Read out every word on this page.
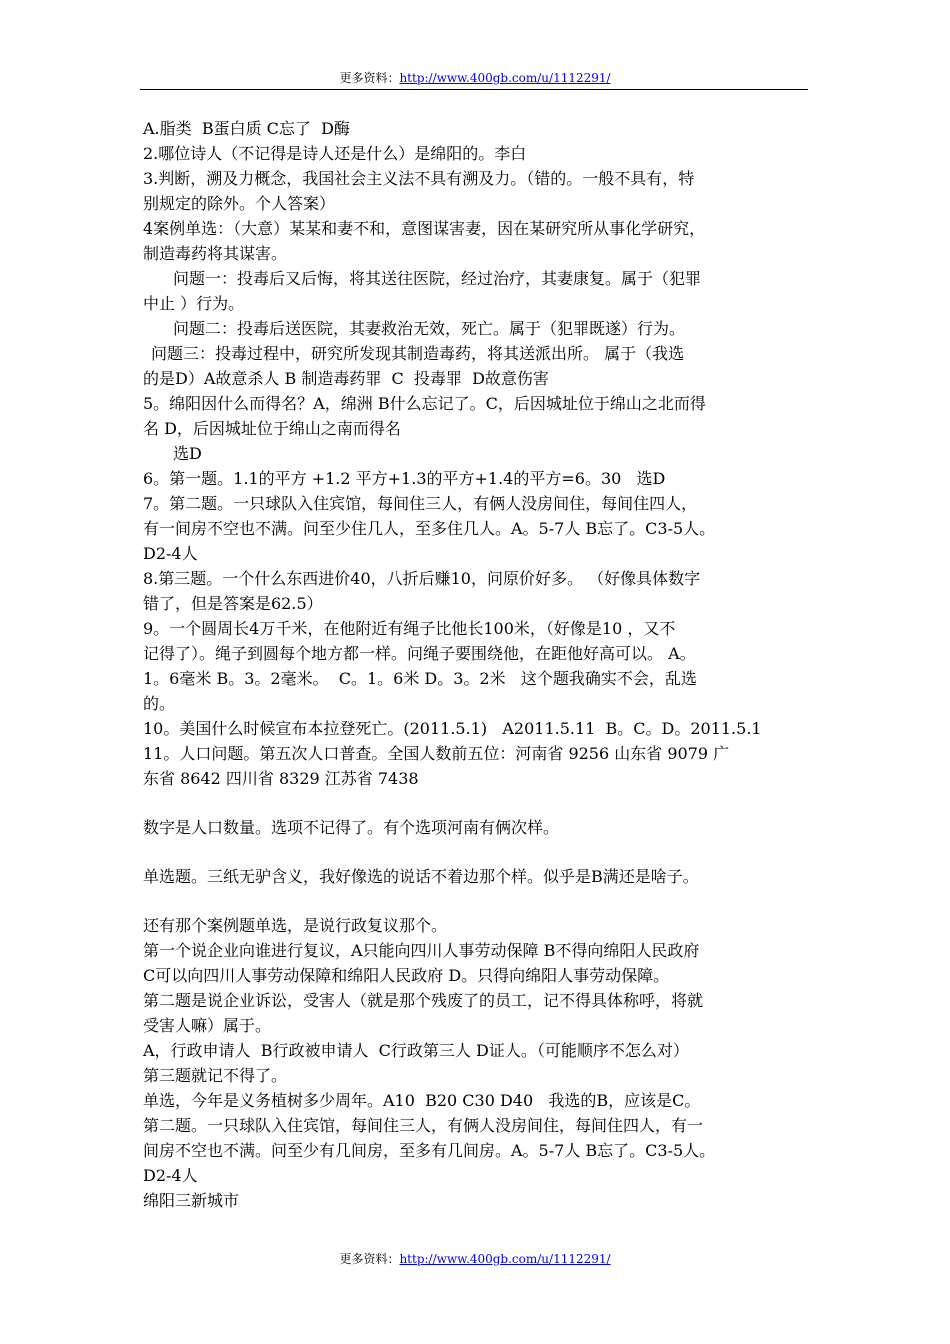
更多资料：http://www.400gb.com/u/1112291/
A.脂类  B蛋白质 C忘了  D酶
2.哪位诗人（不记得是诗人还是什么）是绵阳的。李白
3.判断，溯及力概念，我国社会主义法不具有溯及力。（错的。一般不具有，特
别规定的除外。个人答案）
4案例单选：（大意）某某和妻不和，意图谋害妻，因在某研究所从事化学研究，
制造毒药将其谋害。
问题一：投毒后又后悔，将其送往医院，经过治疗，其妻康复。属于（犯罪
中止 ）行为。
问题二：投毒后送医院，其妻救治无效，死亡。属于（犯罪既遂）行为。
问题三：投毒过程中，研究所发现其制造毒药，将其送派出所。 属于（我选
的是D）A故意杀人 B 制造毒药罪  C  投毒罪  D故意伤害
5。绵阳因什么而得名？A，绵洲 B什么忘记了。C，后因城址位于绵山之北而得
名 D，后因城址位于绵山之南而得名
选D
6。第一题。1.1的平方 +1.2 平方+1.3的平方+1.4的平方=6。30   选D
7。第二题。一只球队入住宾馆，每间住三人，有俩人没房间住，每间住四人，
有一间房不空也不满。问至少住几人，至多住几人。A。5-7人 B忘了。C3-5人。
D2-4人
8.第三题。一个什么东西进价40，八折后赚10，问原价好多。 （好像具体数字
错了，但是答案是62.5）
9。一个圆周长4万千米，在他附近有绳子比他长100米，（好像是10 ，又不
记得了）。绳子到圆每个地方都一样。问绳子要围绕他，在距他好高可以。 A。
1。6毫米 B。3。2毫米。  C。1。6米 D。3。2米   这个题我确实不会，乱选
的。
10。美国什么时候宣布本拉登死亡。(2011.5.1)   A2011.5.11  B。C。D。2011.5.1
11。人口问题。第五次人口普查。全国人数前五位：河南省 9256 山东省 9079 广
东省 8642 四川省 8329 江苏省 7438
数字是人口数量。选项不记得了。有个选项河南有俩次样。
单选题。三纸无驴含义，我好像选的说话不着边那个样。似乎是B满还是啥子。
还有那个案例题单选，是说行政复议那个。
第一个说企业向谁进行复议，A只能向四川人事劳动保障 B不得向绵阳人民政府
C可以向四川人事劳动保障和绵阳人民政府 D。只得向绵阳人事劳动保障。
第二题是说企业诉讼，受害人（就是那个残废了的员工，记不得具体称呼，将就
受害人嘛）属于。
A，行政申请人  B行政被申请人  C行政第三人 D证人。（可能顺序不怎么对）
第三题就记不得了。
单选，今年是义务植树多少周年。A10  B20 C30 D40   我选的B，应该是C。
第二题。一只球队入住宾馆，每间住三人，有俩人没房间住，每间住四人，有一
间房不空也不满。问至少有几间房，至多有几间房。A。5-7人 B忘了。C3-5人。
D2-4人
绵阳三新城市
更多资料：http://www.400gb.com/u/1112291/
